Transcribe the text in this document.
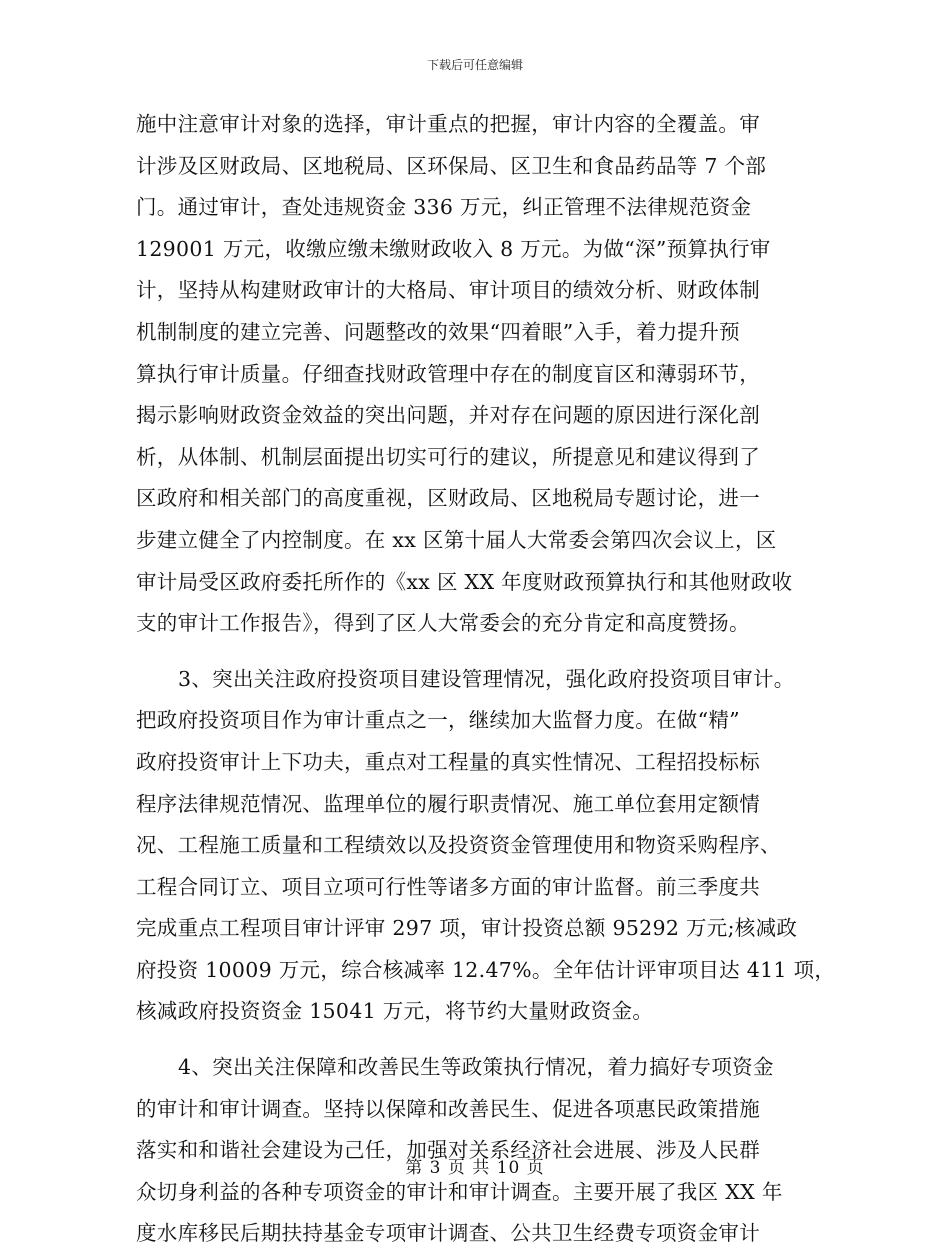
下载后可任意编辑
施中注意审计对象的选择，审计重点的把握，审计内容的全覆盖。审
计涉及区财政局、区地税局、区环保局、区卫生和食品药品等 7 个部
门。通过审计，查处违规资金 336 万元，纠正管理不法律规范资金
129001 万元，收缴应缴未缴财政收入 8 万元。为做“深”预算执行审
计，坚持从构建财政审计的大格局、审计项目的绩效分析、财政体制
机制制度的建立完善、问题整改的效果“四着眼”入手，着力提升预
算执行审计质量。仔细查找财政管理中存在的制度盲区和薄弱环节，
揭示影响财政资金效益的突出问题，并对存在问题的原因进行深化剖
析，从体制、机制层面提出切实可行的建议，所提意见和建议得到了
区政府和相关部门的高度重视，区财政局、区地税局专题讨论，进一
步建立健全了内控制度。在 xx 区第十届人大常委会第四次会议上，区
审计局受区政府委托所作的《xx 区 XX 年度财政预算执行和其他财政收
支的审计工作报告》，得到了区人大常委会的充分肯定和高度赞扬。
3、突出关注政府投资项目建设管理情况，强化政府投资项目审计。
把政府投资项目作为审计重点之一，继续加大监督力度。在做“精”
政府投资审计上下功夫，重点对工程量的真实性情况、工程招投标标
程序法律规范情况、监理单位的履行职责情况、施工单位套用定额情
况、工程施工质量和工程绩效以及投资资金管理使用和物资采购程序、
工程合同订立、项目立项可行性等诸多方面的审计监督。前三季度共
完成重点工程项目审计评审 297 项，审计投资总额 95292 万元;核减政
府投资 10009 万元，综合核减率 12.47%。全年估计评审项目达 411 项，
核减政府投资资金 15041 万元，将节约大量财政资金。
4、突出关注保障和改善民生等政策执行情况，着力搞好专项资金
的审计和审计调查。坚持以保障和改善民生、促进各项惠民政策措施
落实和和谐社会建设为己任，加强对关系经济社会进展、涉及人民群
众切身利益的各种专项资金的审计和审计调查。主要开展了我区 XX 年
度水库移民后期扶持基金专项审计调查、公共卫生经费专项资金审计
第 3 页 共 10 页
